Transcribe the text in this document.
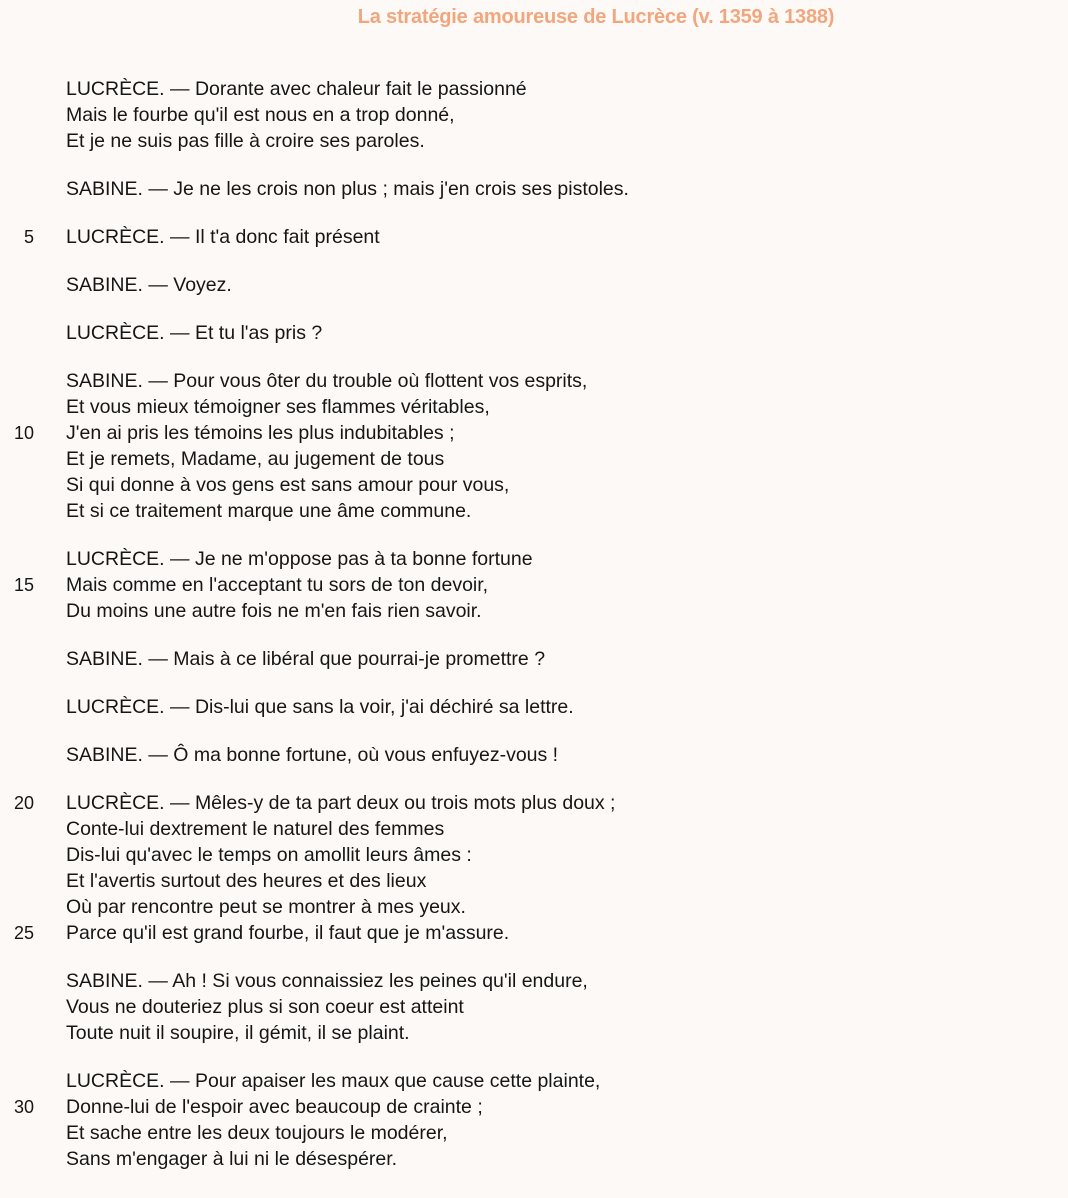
La stratégie amoureuse de Lucrèce (v. 1359 à 1388)
LUCRÈCE. — Dorante avec chaleur fait le passionné
Mais le fourbe qu'il est nous en a trop donné,
Et je ne suis pas fille à croire ses paroles.
SABINE. — Je ne les crois non plus ; mais j'en crois ses pistoles.
5 LUCRÈCE. — Il t'a donc fait présent
SABINE. — Voyez.
LUCRÈCE. — Et tu l'as pris ?
SABINE. — Pour vous ôter du trouble où flottent vos esprits,
Et vous mieux témoigner ses flammes véritables,
10 J'en ai pris les témoins les plus indubitables ;
Et je remets, Madame, au jugement de tous
Si qui donne à vos gens est sans amour pour vous,
Et si ce traitement marque une âme commune.
LUCRÈCE. — Je ne m'oppose pas à ta bonne fortune
15 Mais comme en l'acceptant tu sors de ton devoir,
Du moins une autre fois ne m'en fais rien savoir.
SABINE. — Mais à ce libéral que pourrai-je promettre ?
LUCRÈCE. — Dis-lui que sans la voir, j'ai déchiré sa lettre.
SABINE. — Ô ma bonne fortune, où vous enfuyez-vous !
20 LUCRÈCE. — Mêles-y de ta part deux ou trois mots plus doux ;
Conte-lui dextrement le naturel des femmes
Dis-lui qu'avec le temps on amollit leurs âmes :
Et l'avertis surtout des heures et des lieux
Où par rencontre peut se montrer à mes yeux.
25 Parce qu'il est grand fourbe, il faut que je m'assure.
SABINE. — Ah ! Si vous connaissiez les peines qu'il endure,
Vous ne douteriez plus si son coeur est atteint
Toute nuit il soupire, il gémit, il se plaint.
LUCRÈCE. — Pour apaiser les maux que cause cette plainte,
30 Donne-lui de l'espoir avec beaucoup de crainte ;
Et sache entre les deux toujours le modérer,
Sans m'engager à lui ni le désespérer.
